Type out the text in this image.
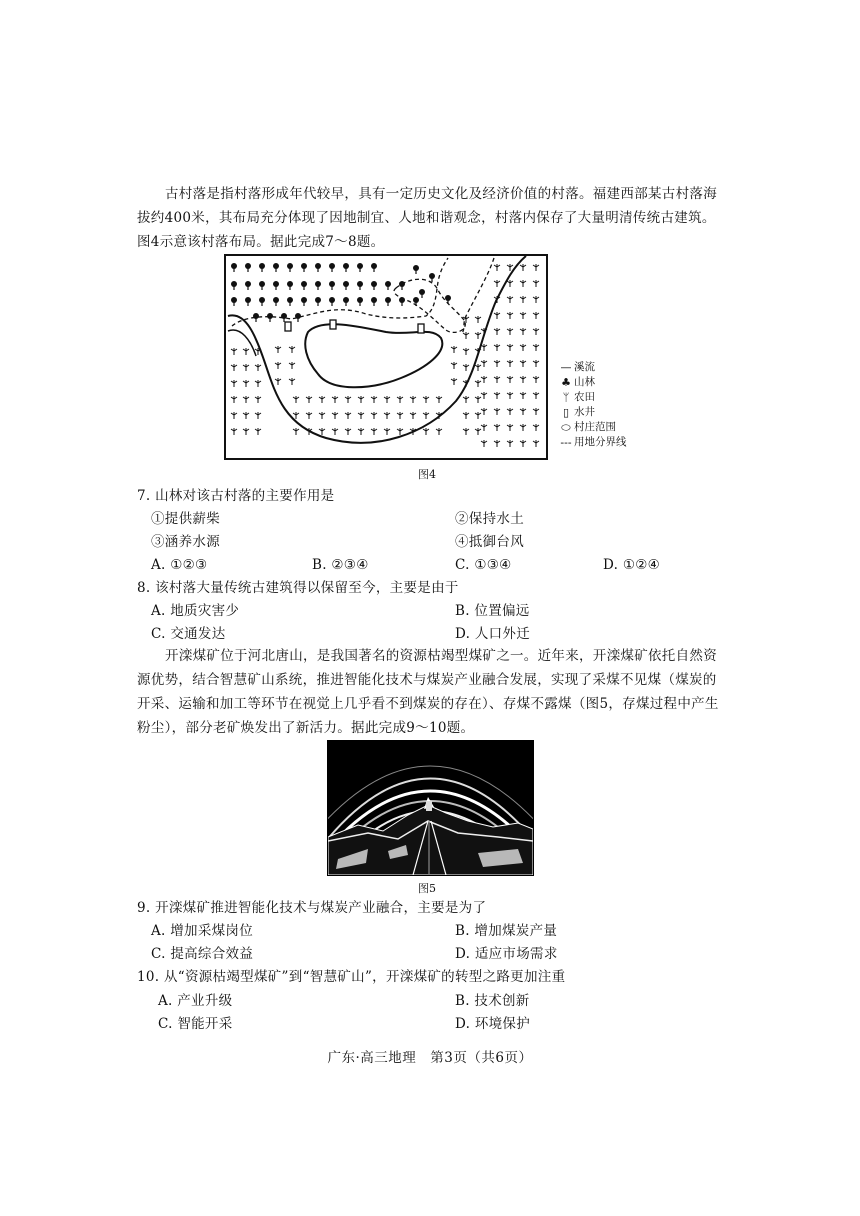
古村落是指村落形成年代较早，具有一定历史文化及经济价值的村落。福建西部某古村落海拔约400米，其布局充分体现了因地制宜、人地和谐观念，村落内保存了大量明清传统古建筑。图4示意该村落布局。据此完成7～8题。

— 溪流
♣ 山林
ᛘ 农田
▯ 水井
⬭ 村庄范围
--- 用地分界线
图4
7. 山林对该古村落的主要作用是
①提供薪柴	②保持水土
③涵养水源	④抵御台风
A. ①②③	B. ②③④	C. ①③④	D. ①②④
8. 该村落大量传统古建筑得以保留至今，主要是由于
A. 地质灾害少	B. 位置偏远
C. 交通发达	D. 人口外迁

开滦煤矿位于河北唐山，是我国著名的资源枯竭型煤矿之一。近年来，开滦煤矿依托自然资源优势，结合智慧矿山系统，推进智能化技术与煤炭产业融合发展，实现了采煤不见煤（煤炭的开采、运输和加工等环节在视觉上几乎看不到煤炭的存在）、存煤不露煤（图5，存煤过程中产生粉尘），部分老矿焕发出了新活力。据此完成9～10题。

图5
9. 开滦煤矿推进智能化技术与煤炭产业融合，主要是为了
A. 增加采煤岗位	B. 增加煤炭产量
C. 提高综合效益	D. 适应市场需求
10. 从“资源枯竭型煤矿”到“智慧矿山”，开滦煤矿的转型之路更加注重
A. 产业升级	B. 技术创新
C. 智能开采	D. 环境保护
广东·高三地理　第3页（共6页）
